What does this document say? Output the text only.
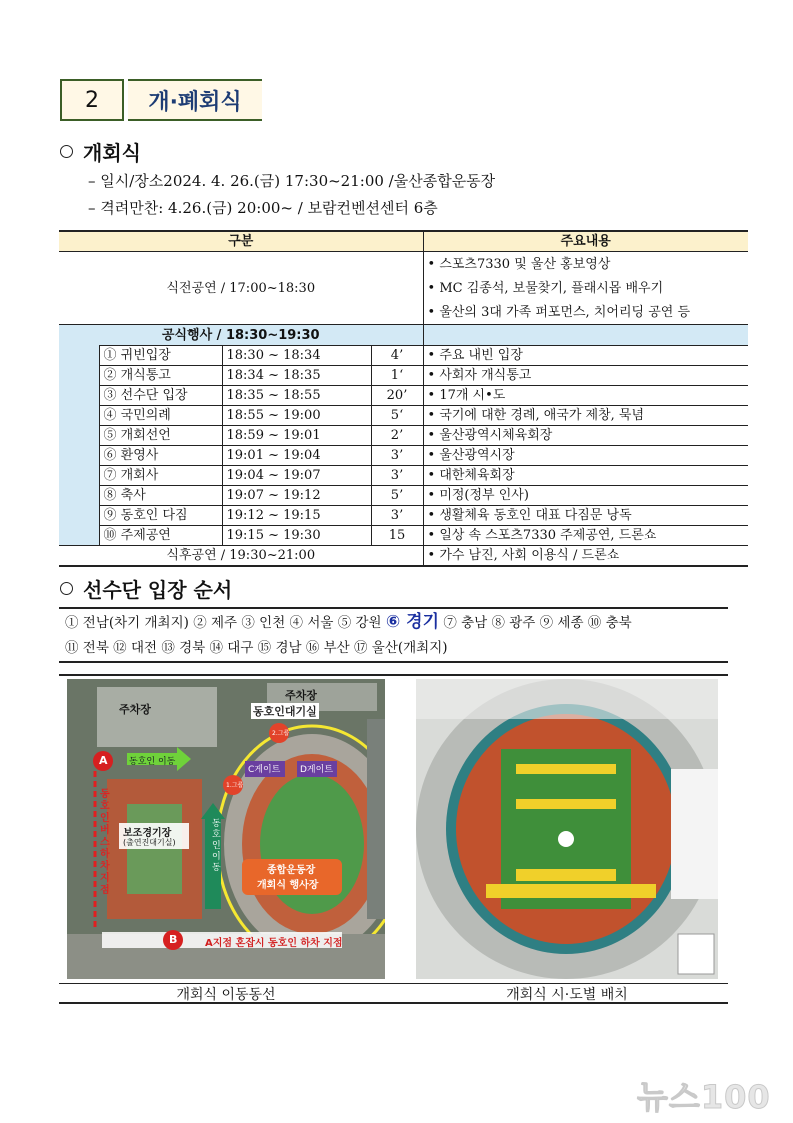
2	개·폐회식
개회식
– 일시/장소2024. 4. 26.(금) 17:30~21:00 /울산종합운동장
– 격려만찬: 4.26.(금) 20:00~ / 보람컨벤션센터 6층
구분				주요내용
식전공연 / 17:00~18:30				• 스포츠7330 및 울산 홍보영상
				• MC 김종석, 보물찾기, 플래시몹 배우기
				• 울산의 3대 가족 퍼포먼스, 치어리딩 공연 등
공식행사 / 18:30~19:30				
	① 귀빈입장	18:30 ~ 18:34	4’	• 주요 내빈 입장
	② 개식통고	18:34 ~ 18:35	1‘	• 사회자 개식통고
	③ 선수단 입장	18:35 ~ 18:55	20’	• 17개 시•도
	④ 국민의례	18:55 ~ 19:00	5‘	• 국기에 대한 경례, 애국가 제창, 묵념
	⑤ 개회선언	18:59 ~ 19:01	2’	• 울산광역시체육회장
	⑥ 환영사	19:01 ~ 19:04	3’	• 울산광역시장
	⑦ 개회사	19:04 ~ 19:07	3’	• 대한체육회장
	⑧ 축사	19:07 ~ 19:12	5’	• 미정(정부 인사)
	⑨ 동호인 다짐	19:12 ~ 19:15	3’	• 생활체육 동호인 대표 다짐문 낭독
	⑩ 주제공연	19:15 ~ 19:30	15	• 일상 속 스포츠7330 주제공연, 드론쇼
식후공연 / 19:30~21:00				• 가수 남진, 사회 이용식 / 드론쇼
선수단 입장 순서
① 전남(차기 개최지) ② 제주 ③ 인천 ④ 서울 ⑤ 강원 ⑥ 경기 ⑦ 충남 ⑧ 광주 ⑨ 세종 ⑩ 충북
⑪ 전북 ⑫ 대전 ⑬ 경북 ⑭ 대구 ⑮ 경남 ⑯ 부산 ⑰ 울산(개최지)
주차장
주차장
동호인대기실
동호인 이동
동호인이동
동호인버스하차지점
보조경기장
(출연진대기실)
C게이트 D게이트
종합운동장
개회식 행사장
A
B
2.그룹
1.그룹
A지점 혼잡시 동호인 하차 지점
개회식 이동동선	개회식 시·도별 배치
뉴스100
